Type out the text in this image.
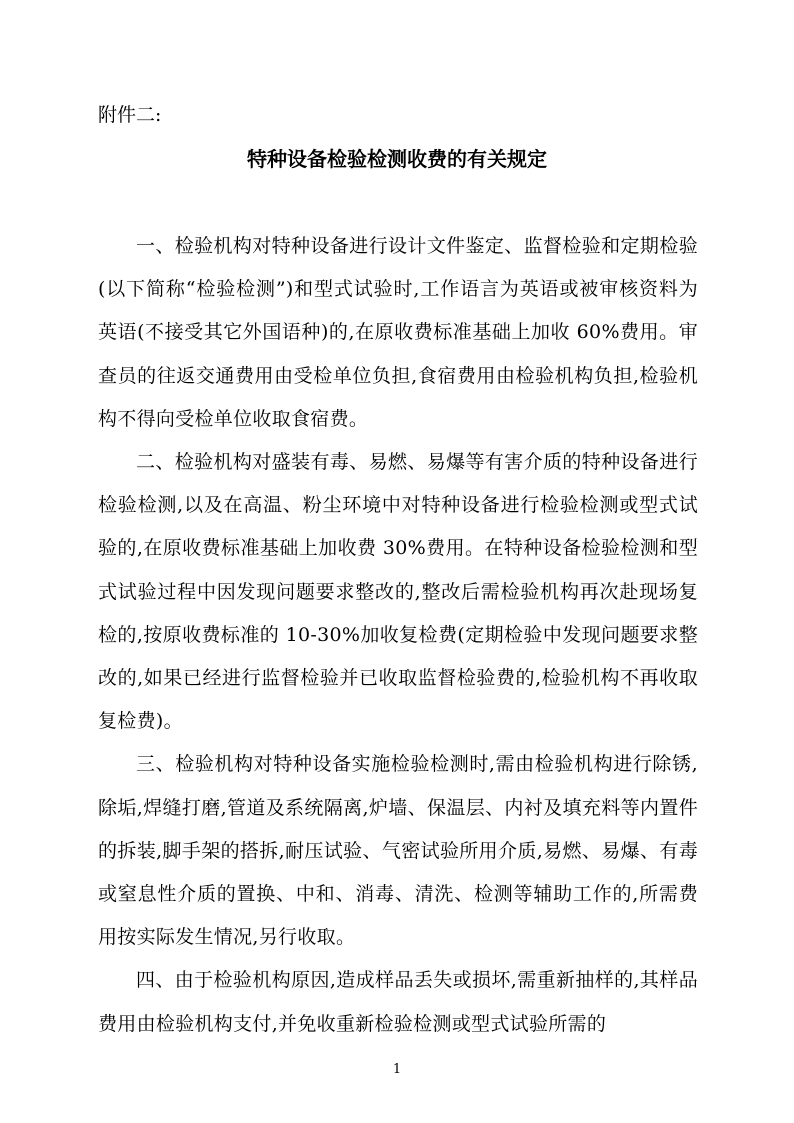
附件二:
特种设备检验检测收费的有关规定

一、检验机构对特种设备进行设计文件鉴定、监督检验和定期检验(以下简称“检验检测”)和型式试验时,工作语言为英语或被审核资料为英语(不接受其它外国语种)的,在原收费标准基础上加收 60%费用。审查员的往返交通费用由受检单位负担,食宿费用由检验机构负担,检验机构不得向受检单位收取食宿费。

二、检验机构对盛装有毒、易燃、易爆等有害介质的特种设备进行检验检测,以及在高温、粉尘环境中对特种设备进行检验检测或型式试验的,在原收费标准基础上加收费 30%费用。在特种设备检验检测和型式试验过程中因发现问题要求整改的,整改后需检验机构再次赴现场复检的,按原收费标准的 10-30%加收复检费(定期检验中发现问题要求整改的,如果已经进行监督检验并已收取监督检验费的,检验机构不再收取复检费)。

三、检验机构对特种设备实施检验检测时,需由检验机构进行除锈,除垢,焊缝打磨,管道及系统隔离,炉墙、保温层、内衬及填充料等内置件的拆装,脚手架的搭拆,耐压试验、气密试验所用介质,易燃、易爆、有毒或窒息性介质的置换、中和、消毒、清洗、检测等辅助工作的,所需费用按实际发生情况,另行收取。

四、由于检验机构原因,造成样品丢失或损坏,需重新抽样的,其样品费用由检验机构支付,并免收重新检验检测或型式试验所需的

1
